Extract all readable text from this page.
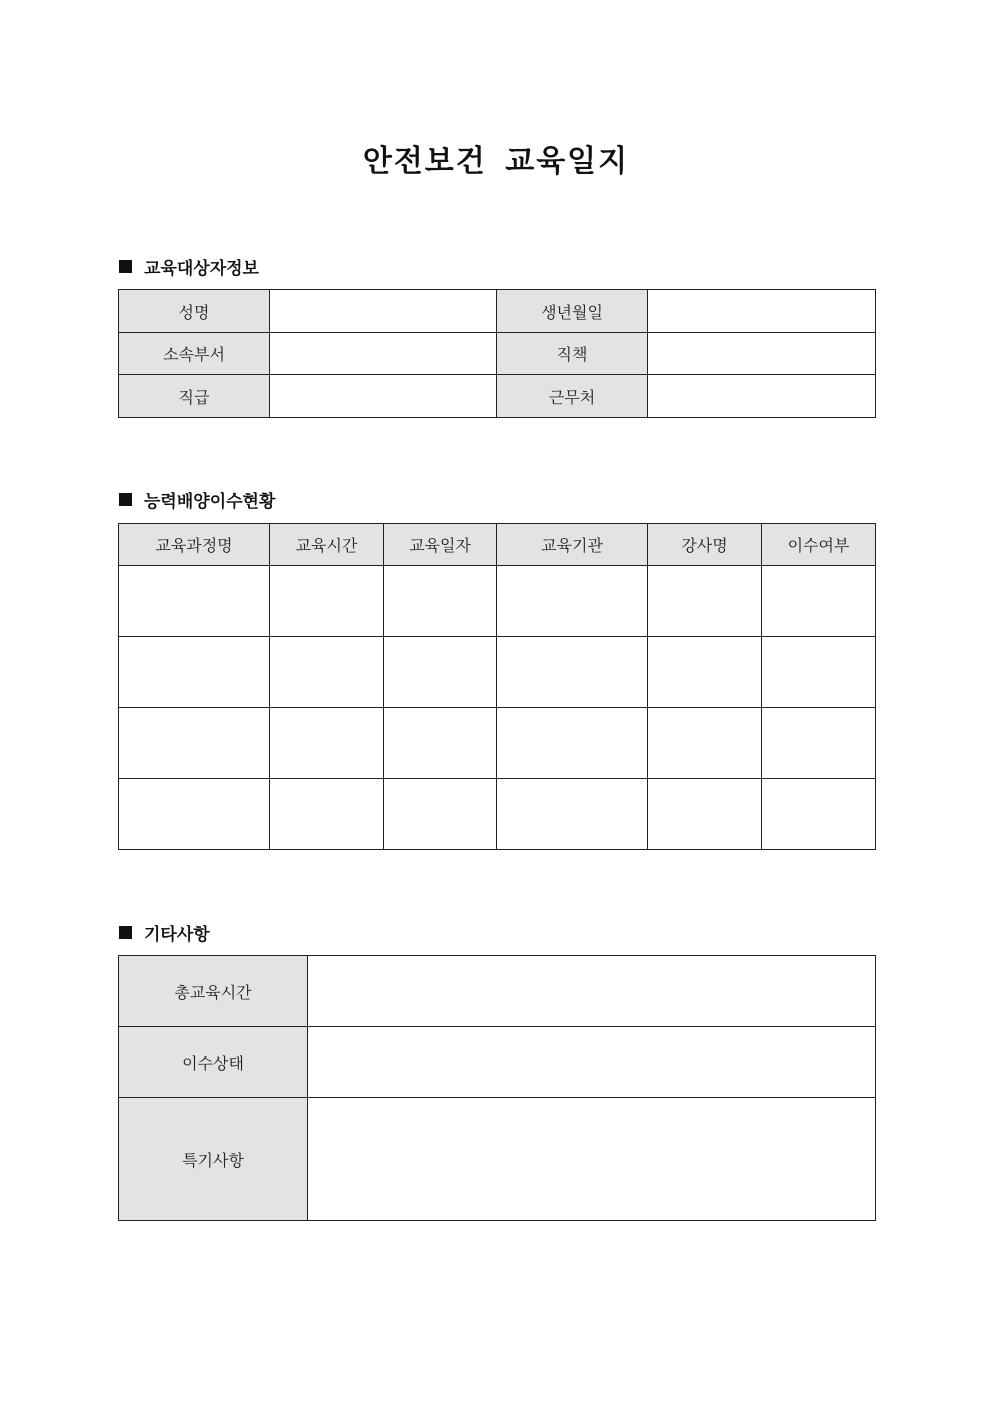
안전보건 교육일지
교육대상자정보
성명		생년월일	
소속부서		직책	
직급		근무처	
능력배양이수현황
교육과정명	교육시간	교육일자	교육기관	강사명	이수여부

기타사항
총교육시간	
이수상태	
특기사항	
